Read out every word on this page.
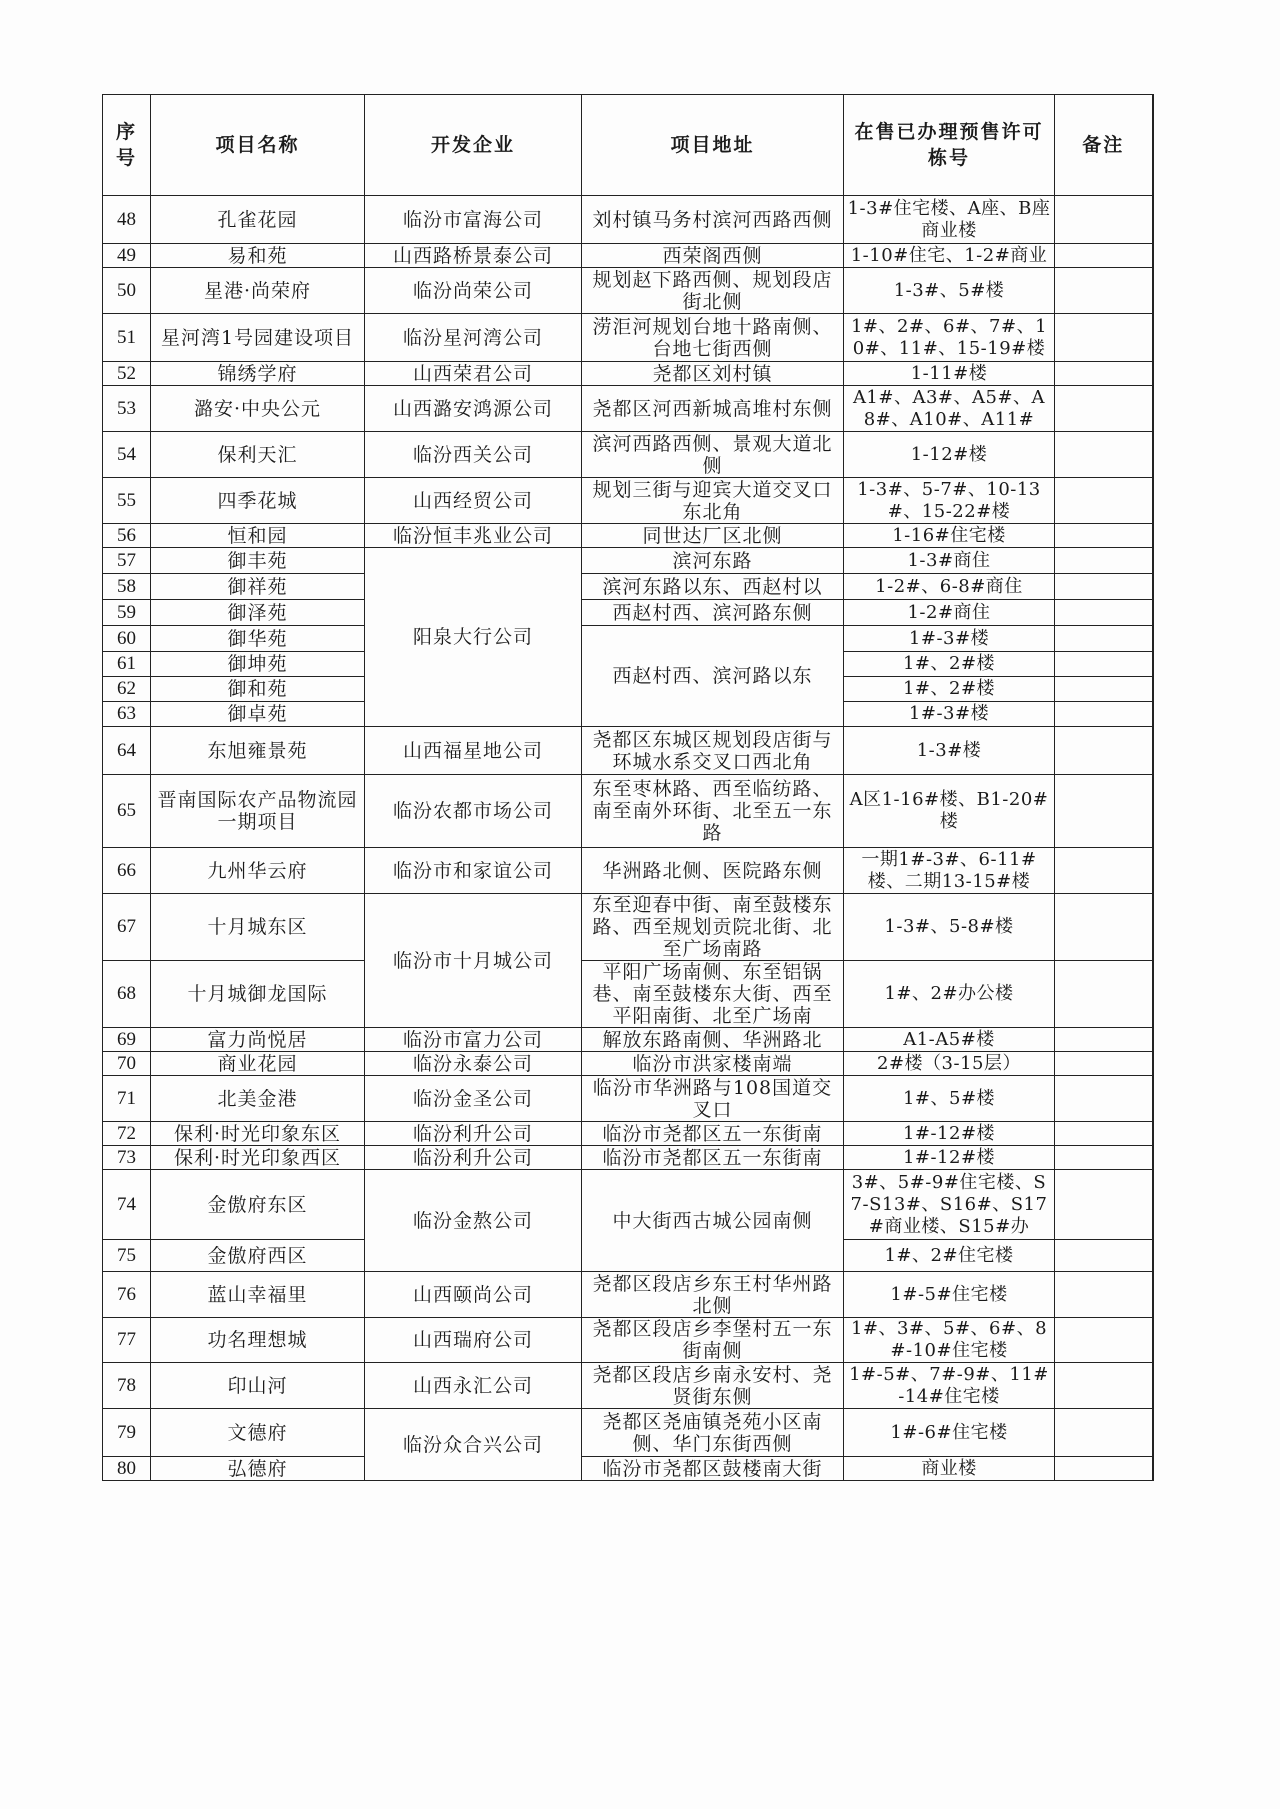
序号	项目名称	开发企业	项目地址	在售已办理预售许可栋号	备注
48	孔雀花园	临汾市富海公司	刘村镇马务村滨河西路西侧	1-3#住宅楼、A座、B座商业楼	
49	易和苑	山西路桥景泰公司	西荣阁西侧	1-10#住宅、1-2#商业	
50	星港·尚荣府	临汾尚荣公司	规划赵下路西侧、规划段店街北侧	1-3#、5#楼	
51	星河湾1号园建设项目	临汾星河湾公司	涝洰河规划台地十路南侧、台地七街西侧	1#、2#、6#、7#、10#、11#、15-19#楼	
52	锦绣学府	山西荣君公司	尧都区刘村镇	1-11#楼	
53	潞安·中央公元	山西潞安鸿源公司	尧都区河西新城高堆村东侧	A1#、A3#、A5#、A8#、A10#、A11#	
54	保利天汇	临汾西关公司	滨河西路西侧、景观大道北侧	1-12#楼	
55	四季花城	山西经贸公司	规划三街与迎宾大道交叉口东北角	1-3#、5-7#、10-13#、15-22#楼	
56	恒和园	临汾恒丰兆业公司	同世达厂区北侧	1-16#住宅楼	
57	御丰苑	阳泉大行公司	滨河东路	1-3#商住	
58	御祥苑		滨河东路以东、西赵村以	1-2#、6-8#商住	
59	御泽苑		西赵村西、滨河路东侧	1-2#商住	
60	御华苑		西赵村西、滨河路以东	1#-3#楼	
61	御坤苑			1#、2#楼	
62	御和苑			1#、2#楼	
63	御卓苑			1#-3#楼	
64	东旭雍景苑	山西福星地公司	尧都区东城区规划段店街与环城水系交叉口西北角	1-3#楼	
65	晋南国际农产品物流园一期项目	临汾农都市场公司	东至枣林路、西至临纺路、南至南外环街、北至五一东路	A区1-16#楼、B1-20#楼	
66	九州华云府	临汾市和家谊公司	华洲路北侧、医院路东侧	一期1#-3#、6-11#楼、二期13-15#楼	
67	十月城东区	临汾市十月城公司	东至迎春中街、南至鼓楼东路、西至规划贡院北街、北至广场南路	1-3#、5-8#楼	
68	十月城御龙国际		平阳广场南侧、东至铝锅巷、南至鼓楼东大街、西至平阳南街、北至广场南	1#、2#办公楼	
69	富力尚悦居	临汾市富力公司	解放东路南侧、华洲路北	A1-A5#楼	
70	商业花园	临汾永泰公司	临汾市洪家楼南端	2#楼（3-15层）	
71	北美金港	临汾金圣公司	临汾市华洲路与108国道交叉口	1#、5#楼	
72	保利·时光印象东区	临汾利升公司	临汾市尧都区五一东街南	1#-12#楼	
73	保利·时光印象西区	临汾利升公司	临汾市尧都区五一东街南	1#-12#楼	
74	金傲府东区	临汾金熬公司	中大街西古城公园南侧	3#、5#-9#住宅楼、S7-S13#、S16#、S17#商业楼、S15#办	
75	金傲府西区			1#、2#住宅楼	
76	蓝山幸福里	山西颐尚公司	尧都区段店乡东王村华州路北侧	1#-5#住宅楼	
77	功名理想城	山西瑞府公司	尧都区段店乡李堡村五一东街南侧	1#、3#、5#、6#、8#-10#住宅楼	
78	印山河	山西永汇公司	尧都区段店乡南永安村、尧贤街东侧	1#-5#、7#-9#、11#-14#住宅楼	
79	文德府	临汾众合兴公司	尧都区尧庙镇尧苑小区南侧、华门东街西侧	1#-6#住宅楼	
80	弘德府		临汾市尧都区鼓楼南大街	商业楼	
